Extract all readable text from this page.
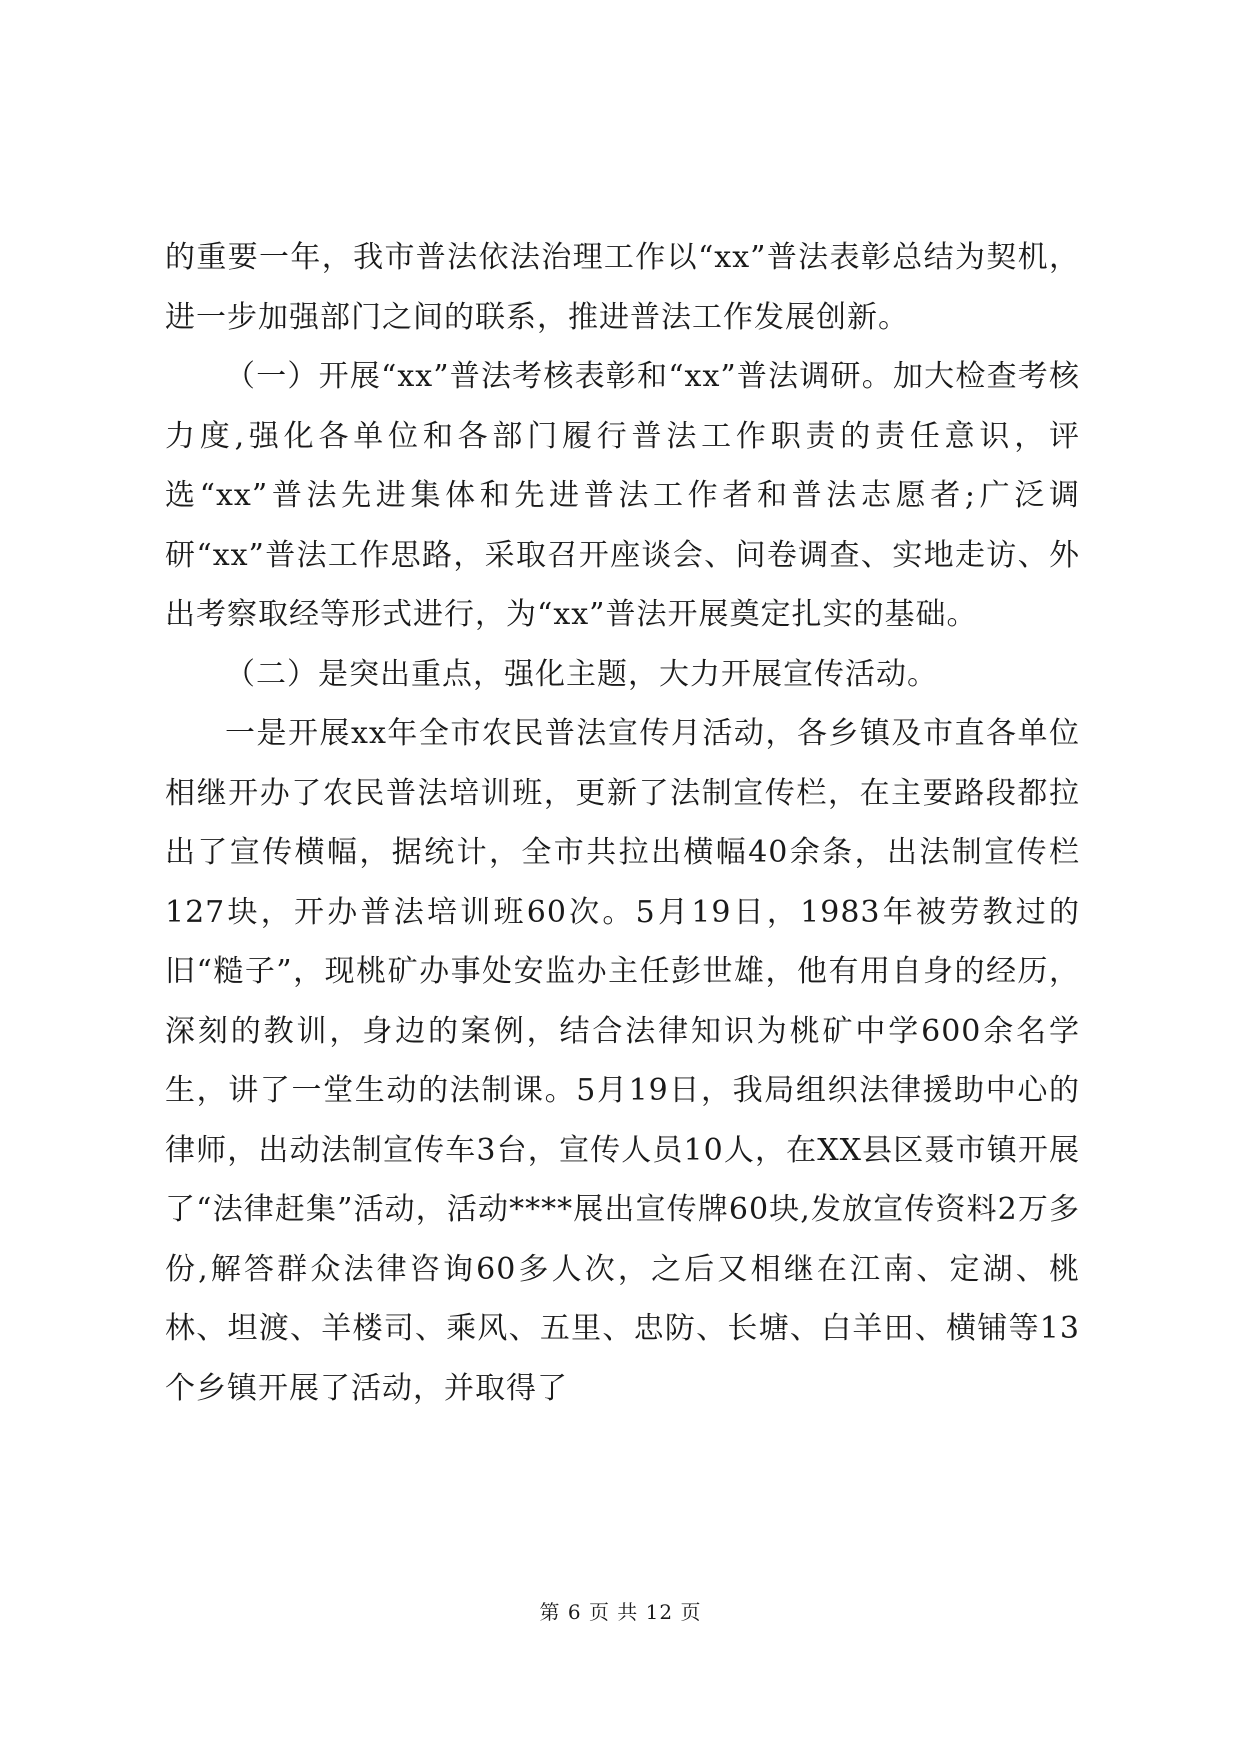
的重要一年，我市普法依法治理工作以“xx”普法表彰总结为契机，进一步加强部门之间的联系，推进普法工作发展创新。

（一）开展“xx”普法考核表彰和“xx”普法调研。加大检查考核力度,强化各单位和各部门履行普法工作职责的责任意识，评选“xx”普法先进集体和先进普法工作者和普法志愿者;广泛调研“xx”普法工作思路，采取召开座谈会、问卷调查、实地走访、外出考察取经等形式进行，为“xx”普法开展奠定扎实的基础。

（二）是突出重点，强化主题，大力开展宣传活动。

一是开展xx年全市农民普法宣传月活动，各乡镇及市直各单位相继开办了农民普法培训班，更新了法制宣传栏，在主要路段都拉出了宣传横幅，据统计，全市共拉出横幅40余条，出法制宣传栏127块，开办普法培训班60次。5月19日，1983年被劳教过的旧“糙子”，现桃矿办事处安监办主任彭世雄，他有用自身的经历，深刻的教训，身边的案例，结合法律知识为桃矿中学600余名学生，讲了一堂生动的法制课。5月19日，我局组织法律援助中心的律师，出动法制宣传车3台，宣传人员10人，在XX县区聂市镇开展了“法律赶集”活动，活动****展出宣传牌60块,发放宣传资料2万多份,解答群众法律咨询60多人次，之后又相继在江南、定湖、桃林、坦渡、羊楼司、乘风、五里、忠防、长塘、白羊田、横铺等13个乡镇开展了活动，并取得了

第 6 页 共 12 页
